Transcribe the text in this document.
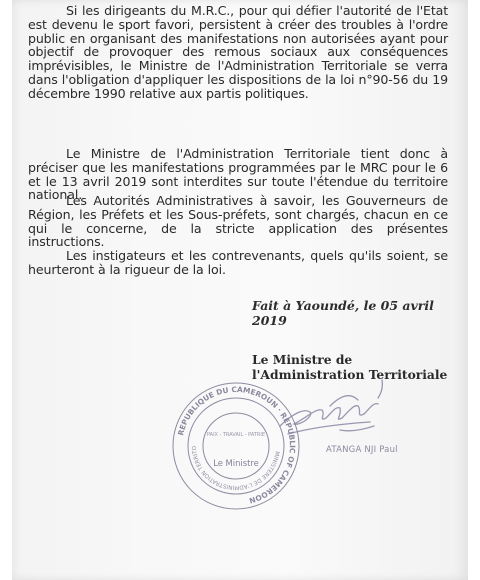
Si les dirigeants du M.R.C., pour qui défier l'autorité de l'Etat est devenu le sport favori, persistent à créer des troubles à l'ordre public en organisant des manifestations non autorisées ayant pour objectif de provoquer des remous sociaux aux conséquences imprévisibles, le Ministre de l'Administration Territoriale se verra dans l'obligation d'appliquer les dispositions de la loi n°90-56 du 19 décembre 1990 relative aux partis politiques.
Le Ministre de l'Administration Territoriale tient donc à préciser que les manifestations programmées par le MRC pour le 6 et le 13 avril 2019 sont interdites sur toute l'étendue du territoire national.
Les Autorités Administratives à savoir, les Gouverneurs de Région, les Préfets et les Sous-préfets, sont chargés, chacun en ce qui le concerne, de la stricte application des présentes instructions.
Les instigateurs et les contrevenants, quels qu'ils soient, se heurteront à la rigueur de la loi.
Fait à Yaoundé, le 05 avril 2019
Le Ministre de l'Administration Territoriale
REPUBLIQUE DU CAMEROUN · REPUBLIC OF CAMEROON
MINISTERE DE L'ADMINISTRATION TERRITO
PAIX - TRAVAIL - PATRIE
Le Ministre
ATANGA NJI Paul
